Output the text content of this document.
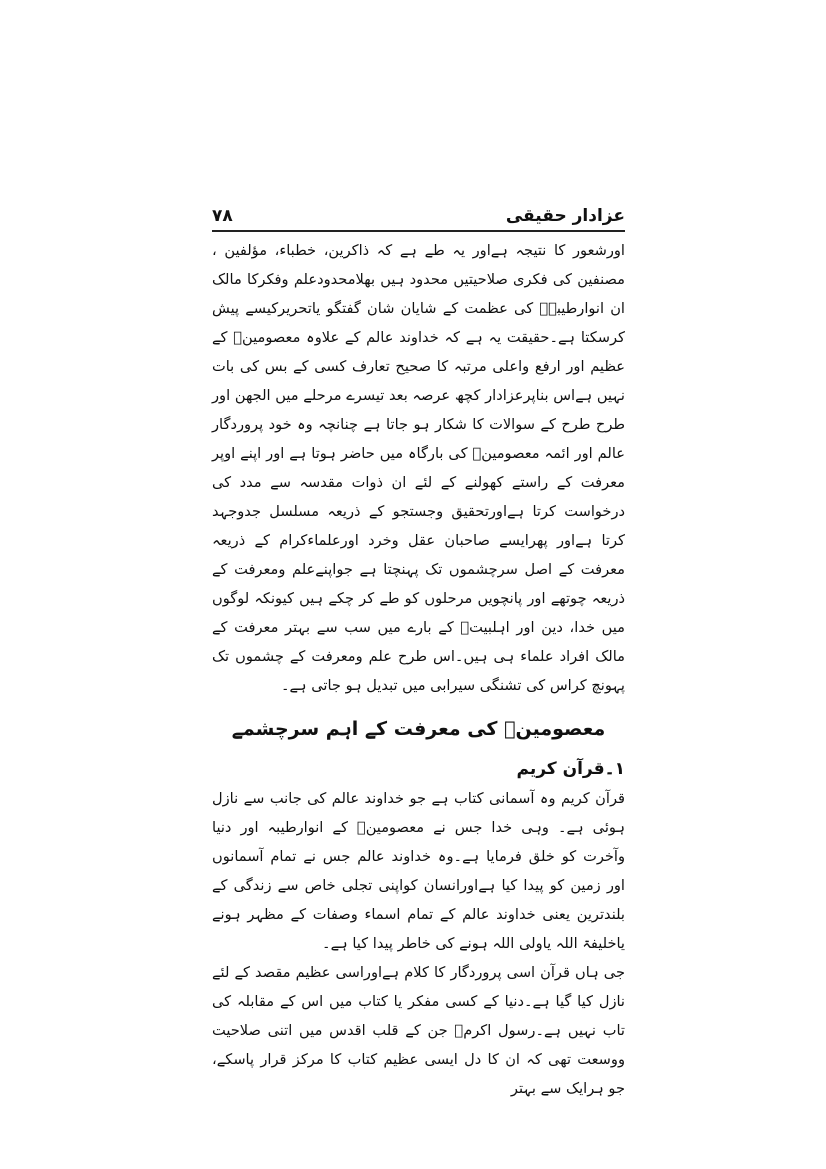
عزادار حقیقی
۷۸

اورشعور کا نتیجہ ہےاور یہ طے ہے کہ ذاکرین، خطباء، مؤلفین ، مصنفین کی فکری صلاحیتیں محدود ہیں بھلامحدودعلم وفکرکا مالک ان انوارطیبہؑ کی عظمت کے شایان شان گفتگو یاتحریرکیسے پیش کرسکتا ہے۔حقیقت یہ ہے کہ خداوند عالم کے علاوہ معصومینؑ کے عظیم اور ارفع واعلی مرتبہ کا صحیح تعارف کسی کے بس کی بات نہیں ہےاس بناپرعزادار کچھ عرصہ بعد تیسرے مرحلے میں الجھن اور طرح طرح کے سوالات کا شکار ہو جاتا ہے چنانچہ وہ خود پروردگار عالم اور ائمہ معصومینؑ کی بارگاہ میں حاضر ہوتا ہے اور اپنے اوپر معرفت کے راستے کھولنے کے لئے ان ذوات مقدسہ سے مدد کی درخواست کرتا ہےاورتحقیق وجستجو کے ذریعہ مسلسل جدوجہد کرتا ہےاور پھرایسے صاحبان عقل وخرد اورعلماءکرام کے ذریعہ معرفت کے اصل سرچشموں تک پہنچتا ہے جواپنےعلم ومعرفت کے ذریعہ چوتھے اور پانچویں مرحلوں کو طے کر چکے ہیں کیونکہ لوگوں میں خدا، دین اور اہلبیتؑ کے بارے میں سب سے بہتر معرفت کے مالک افراد علماء ہی ہیں۔اس طرح علم ومعرفت کے چشموں تک پہونچ کراس کی تشنگی سیرابی میں تبدیل ہو جاتی ہے۔

معصومینؑ کی معرفت کے اہم سرچشمے
۱۔قرآن کریم

قرآن کریم وہ آسمانی کتاب ہے جو خداوند عالم کی جانب سے نازل ہوئی ہے۔ وہی خدا جس نے معصومینؑ کے انوارطیبہ اور دنیا وآخرت کو خلق فرمایا ہے۔وہ خداوند عالم جس نے تمام آسمانوں اور زمین کو پیدا کیا ہےاورانسان کواپنی تجلی خاص سے زندگی کے بلندترین یعنی خداوند عالم کے تمام اسماء وصفات کے مظہر ہونے یاخلیفۃ اللہ یاولی اللہ ہونے کی خاطر پیدا کیا ہے۔

جی ہاں قرآن اسی پروردگار کا کلام ہےاوراسی عظیم مقصد کے لئے نازل کیا گیا ہے۔دنیا کے کسی مفکر یا کتاب میں اس کے مقابلہ کی تاب نہیں ہے۔رسول اکرمؐ جن کے قلب اقدس میں اتنی صلاحیت ووسعت تھی کہ ان کا دل ایسی عظیم کتاب کا مرکز قرار پاسکے، جو ہرایک سے بہتر
